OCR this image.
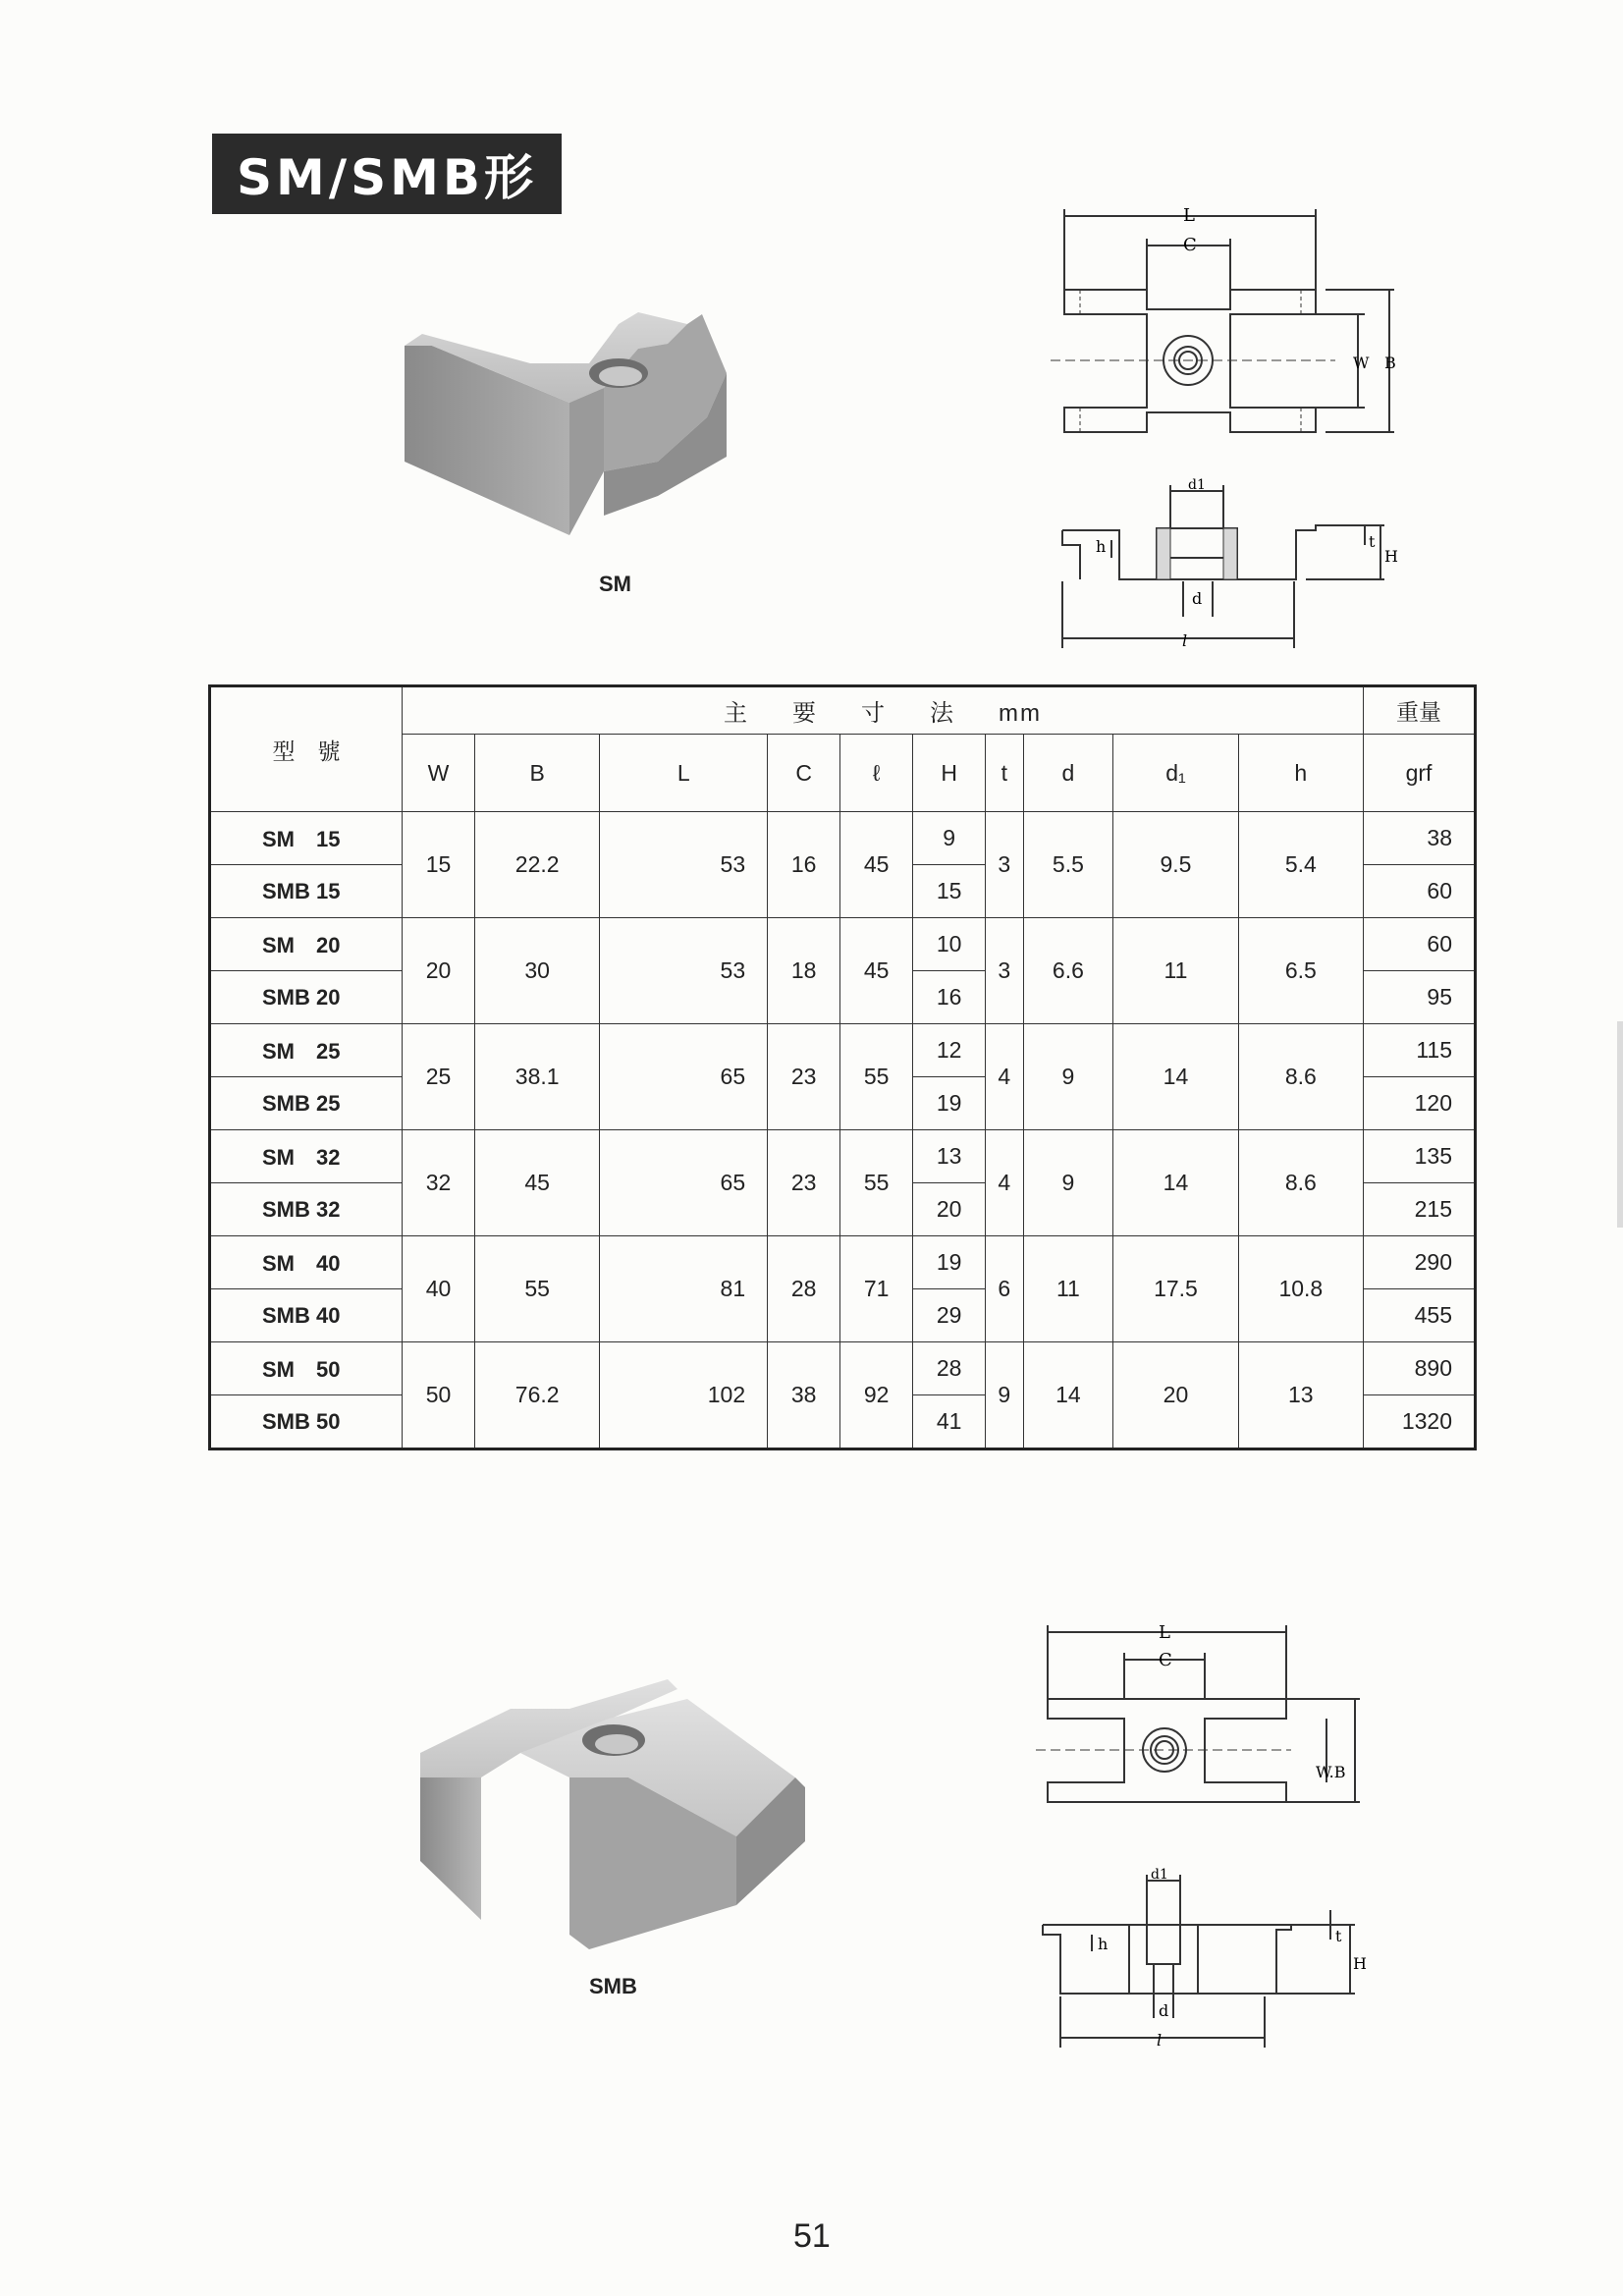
SM/SMB形
SM
L
C
W B
d1
h	t
H
d
l
型　號	主要寸法mm										重量
	W	B	L	C	ℓ	H	t	d	d₁	h	grf
SM　15	15	22.2	53	16	45	9	3	5.5	9.5	5.4	38
SMB 15						15					60
SM　20	20	30	53	18	45	10	3	6.6	11	6.5	60
SMB 20						16					95
SM　25	25	38.1	65	23	55	12	4	9	14	8.6	115
SMB 25						19					120
SM　32	32	45	65	23	55	13	4	9	14	8.6	135
SMB 32						20					215
SM　40	40	55	81	28	71	19	6	11	17.5	10.8	290
SMB 40						29					455
SM　50	50	76.2	102	38	92	28	9	14	20	13	890
SMB 50						41					1320
SMB
L
C
W.B
d1
h	t
H
d
l
51
